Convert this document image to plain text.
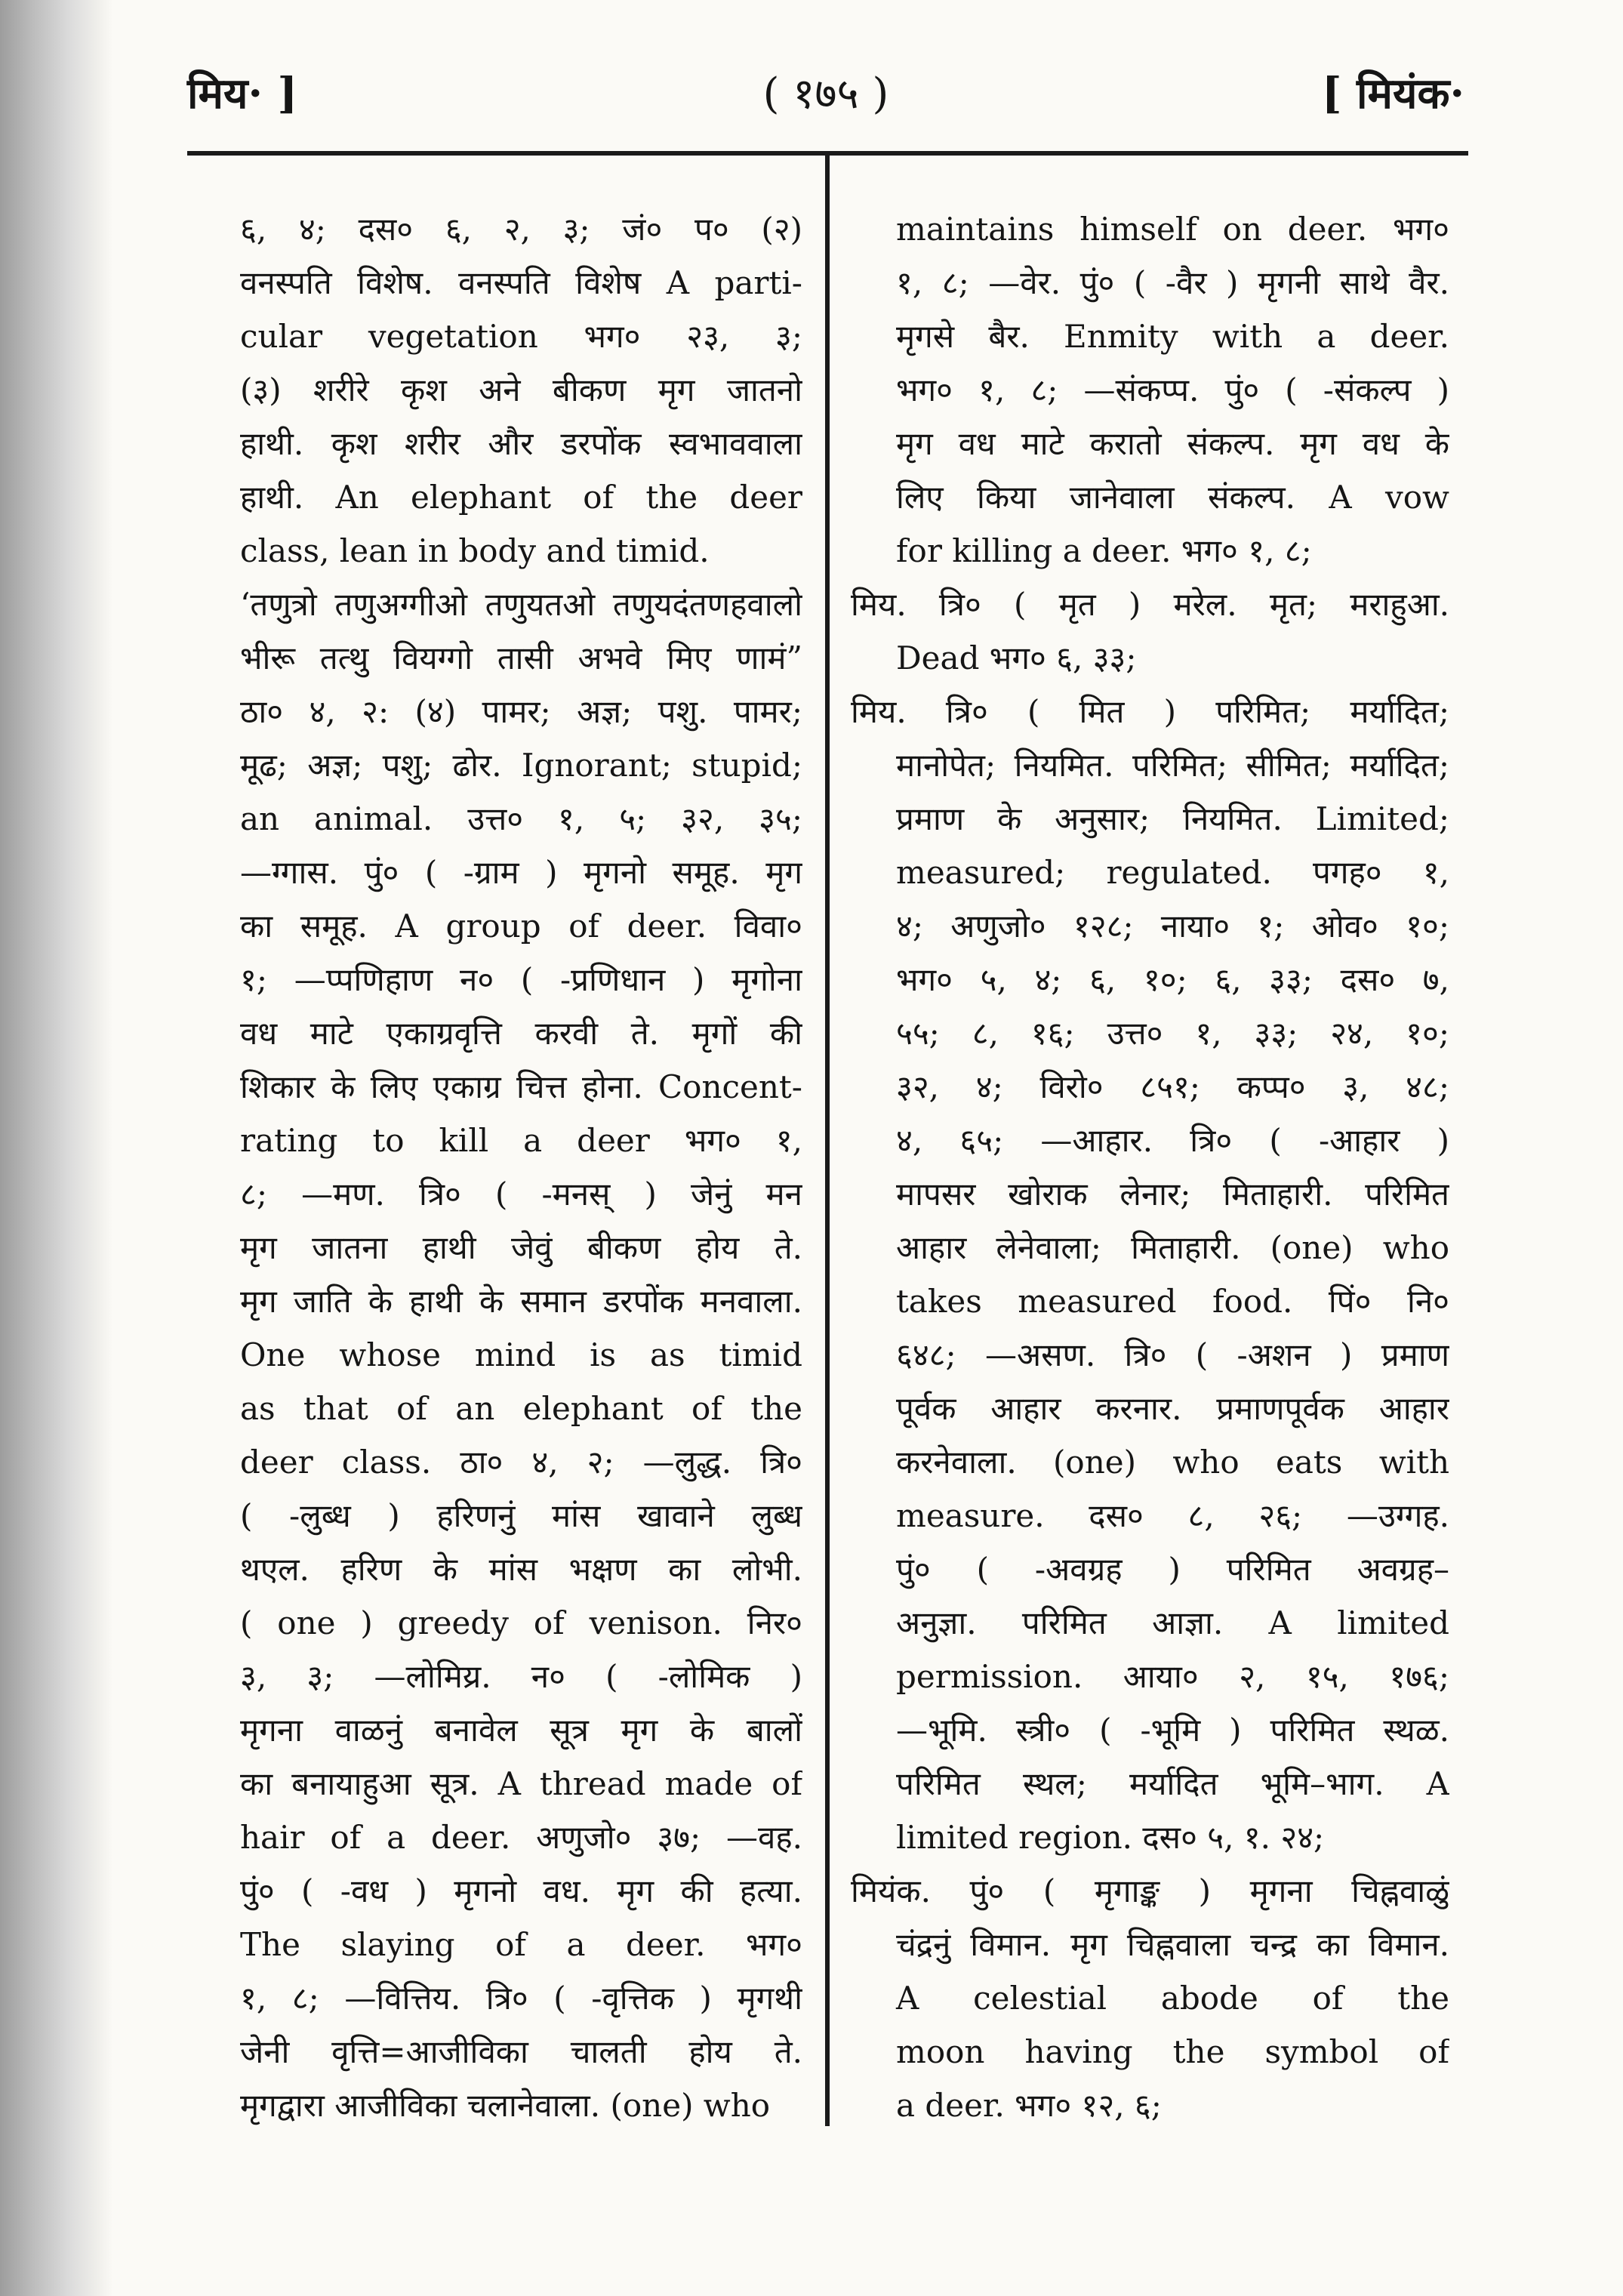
मिय· ]	( १७५ )	[ मियंक·
६, ४; दस० ६, २, ३; जं० प० (२)
वनस्पति विशेष. वनस्पति विशेष A parti-
cular vegetation भग० २३, ३;
(३) शरीरे कृश अने बीकण मृग जातनो
हाथी. कृश शरीर और डरपोंक स्वभाववाला
हाथी. An elephant of the deer
class, lean in body and timid.
‘तणुत्रो तणुअग्गीओ तणुयतओ तणुयदंतणहवालो
भीरू तत्थु वियग्गो तासी अभवे मिए णामं”
ठा० ४, २: (४) पामर; अज्ञ; पशु. पामर;
मूढ; अज्ञ; पशु; ढोर. Ignorant; stupid;
an animal. उत्त० १, ५; ३२, ३५;
—ग्गास. पुं० ( -ग्राम ) मृगनो समूह. मृग
का समूह. A group of deer. विवा०
१; —प्पणिहाण न० ( -प्रणिधान ) मृगोना
वध माटे एकाग्रवृत्ति करवी ते. मृगों की
शिकार के लिए एकाग्र चित्त होना. Concent-
rating to kill a deer भग० १,
८; —मण. त्रि० ( -मनस् ) जेनुं मन
मृग जातना हाथी जेवुं बीकण होय ते.
मृग जाति के हाथी के समान डरपोंक मनवाला.
One whose mind is as timid
as that of an elephant of the
deer class. ठा० ४, २; —लुद्ध. त्रि०
( -लुब्ध ) हरिणनुं मांस खावाने लुब्ध
थएल. हरिण के मांस भक्षण का लोभी.
( one ) greedy of venison. निर०
३, ३; —लोमिय्र. न० ( -लोमिक )
मृगना वाळनुं बनावेल सूत्र मृग के बालों
का बनायाहुआ सूत्र. A thread made of
hair of a deer. अणुजो० ३७; —वह.
पुं० ( -वध ) मृगनो वध. मृग की हत्या.
The slaying of a deer. भग०
१, ८; —वित्तिय. त्रि० ( -वृत्तिक ) मृगथी
जेनी वृत्ति=आजीविका चालती होय ते.
मृगद्वारा आजीविका चलानेवाला. (one) who
maintains himself on deer. भग०
१, ८; —वेर. पुं० ( -वैर ) मृगनी साथे वैर.
मृगसे बैर. Enmity with a deer.
भग० १, ८; —संकप्प. पुं० ( -संकल्प )
मृग वध माटे करातो संकल्प. मृग वध के
लिए किया जानेवाला संकल्प. A vow
for killing a deer. भग० १, ८;
मिय. त्रि० ( मृत ) मरेल. मृत; मराहुआ.
Dead भग० ६, ३३;
मिय. त्रि० ( मित ) परिमित; मर्यादित;
मानोपेत; नियमित. परिमित; सीमित; मर्यादित;
प्रमाण के अनुसार; नियमित. Limited;
measured; regulated. पगह० १,
४; अणुजो० १२८; नाया० १; ओव० १०;
भग० ५, ४; ६, १०; ६, ३३; दस० ७,
५५; ८, १६; उत्त० १, ३३; २४, १०;
३२, ४; विरो० ८५१; कप्प० ३, ४८;
४, ६५; —आहार. त्रि० ( -आहार )
मापसर खोराक लेनार; मिताहारी. परिमित
आहार लेनेवाला; मिताहारी. (one) who
takes measured food. पिं० नि०
६४८; —असण. त्रि० ( -अशन ) प्रमाण
पूर्वक आहार करनार. प्रमाणपूर्वक आहार
करनेवाला. (one) who eats with
measure. दस० ८, २६; —उग्गह.
पुं० ( -अवग्रह ) परिमित अवग्रह–
अनुज्ञा. परिमित आज्ञा. A limited
permission. आया० २, १५, १७६;
—भूमि. स्त्री० ( -भूमि ) परिमित स्थळ.
परिमित स्थल; मर्यादित भूमि–भाग. A
limited region. दस० ५, १. २४;
मियंक. पुं० ( मृगाङ्क ) मृगना चिह्नवाळुं
चंद्रनुं विमान. मृग चिह्नवाला चन्द्र का विमान.
A celestial abode of the
moon having the symbol of
a deer. भग० १२, ६;
